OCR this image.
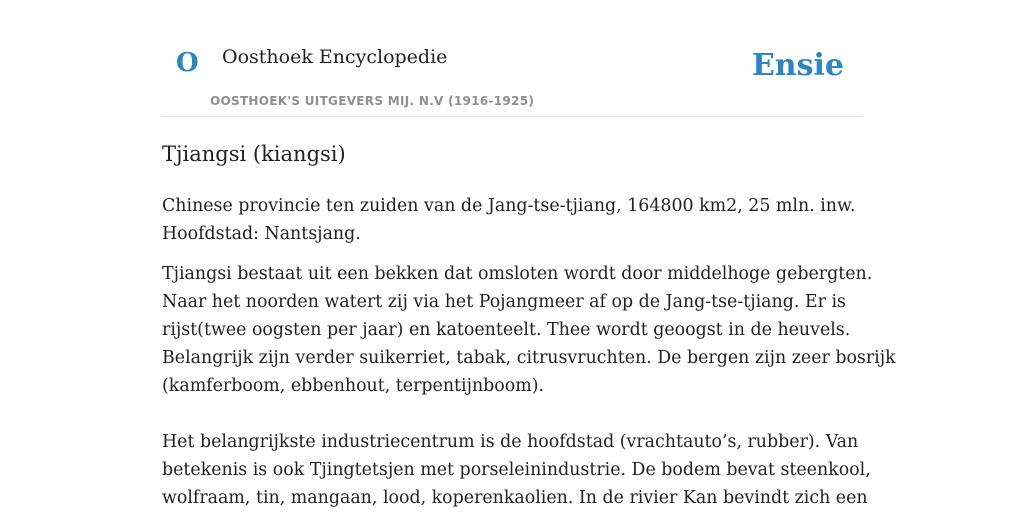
O Oosthoek Encyclopedie
OOSTHOEK'S UITGEVERS MIJ. N.V (1916-1925)
Ensie
Tjiangsi (kiangsi)

Chinese provincie ten zuiden van de Jang-tse-tjiang, 164800 km2, 25 mln. inw.
Hoofdstad: Nantsjang.

Tjiangsi bestaat uit een bekken dat omsloten wordt door middelhoge gebergten.
Naar het noorden watert zij via het Pojangmeer af op de Jang-tse-tjiang. Er is
rijst(twee oogsten per jaar) en katoenteelt. Thee wordt geoogst in de heuvels.
Belangrijk zijn verder suikerriet, tabak, citrusvruchten. De bergen zijn zeer bosrijk
(kamferboom, ebbenhout, terpentijnboom).
Het belangrijkste industriecentrum is de hoofdstad (vrachtauto’s, rubber). Van
betekenis is ook Tjingtetsjen met porseleinindustrie. De bodem bevat steenkool,
wolfraam, tin, mangaan, lood, koperenkaolien. In de rivier Kan bevindt zich een
